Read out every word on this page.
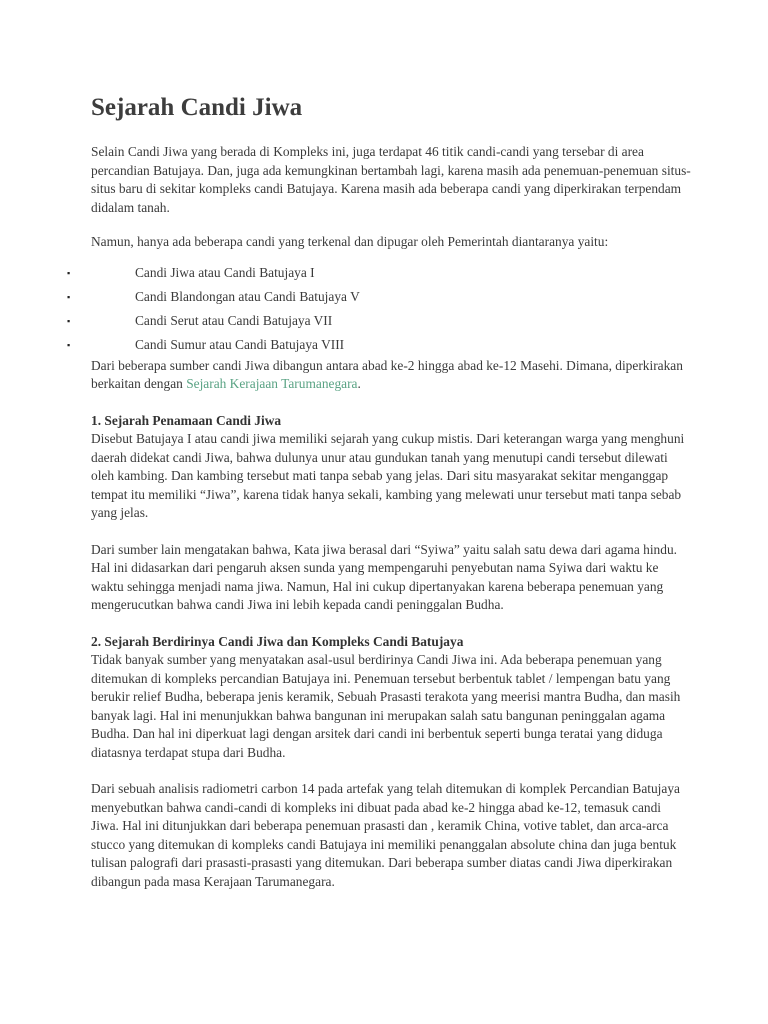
Sejarah Candi Jiwa

Selain Candi Jiwa yang berada di Kompleks ini, juga terdapat 46 titik candi-candi yang tersebar di area percandian Batujaya. Dan, juga ada kemungkinan bertambah lagi, karena masih ada penemuan-penemuan situs-situs baru di sekitar kompleks candi Batujaya. Karena masih ada beberapa candi yang diperkirakan terpendam didalam tanah.

Namun, hanya ada beberapa candi yang terkenal dan dipugar oleh Pemerintah diantaranya yaitu:

▪	Candi Jiwa atau Candi Batujaya I
▪	Candi Blandongan atau Candi Batujaya V
▪	Candi Serut atau Candi Batujaya VII
▪	Candi Sumur atau Candi Batujaya VIII

Dari beberapa sumber candi Jiwa dibangun antara abad ke-2 hingga abad ke-12 Masehi. Dimana, diperkirakan berkaitan dengan Sejarah Kerajaan Tarumanegara.

1. Sejarah Penamaan Candi Jiwa

Disebut Batujaya I atau candi jiwa memiliki sejarah yang cukup mistis. Dari keterangan warga yang menghuni daerah didekat candi Jiwa, bahwa dulunya unur atau gundukan tanah yang menutupi candi tersebut dilewati oleh kambing. Dan kambing tersebut mati tanpa sebab yang jelas. Dari situ masyarakat sekitar menganggap tempat itu memiliki “Jiwa”, karena tidak hanya sekali, kambing yang melewati unur tersebut mati tanpa sebab yang jelas.

Dari sumber lain mengatakan bahwa, Kata jiwa berasal dari “Syiwa” yaitu salah satu dewa dari agama hindu. Hal ini didasarkan dari pengaruh aksen sunda yang mempengaruhi penyebutan nama Syiwa dari waktu ke waktu sehingga menjadi nama jiwa. Namun, Hal ini cukup dipertanyakan karena beberapa penemuan yang mengerucutkan bahwa candi Jiwa ini lebih kepada candi peninggalan Budha.

2. Sejarah Berdirinya Candi Jiwa dan Kompleks Candi Batujaya

Tidak banyak sumber yang menyatakan asal-usul berdirinya Candi Jiwa ini. Ada beberapa penemuan yang ditemukan di kompleks percandian Batujaya ini. Penemuan tersebut berbentuk tablet / lempengan batu yang berukir relief Budha, beberapa jenis keramik, Sebuah Prasasti terakota yang meerisi mantra Budha, dan masih banyak lagi. Hal ini menunjukkan bahwa bangunan ini merupakan salah satu bangunan peninggalan agama Budha. Dan hal ini diperkuat lagi dengan arsitek dari candi ini berbentuk seperti bunga teratai yang diduga diatasnya terdapat stupa dari Budha.

Dari sebuah analisis radiometri carbon 14 pada artefak yang telah ditemukan di komplek Percandian Batujaya menyebutkan bahwa candi-candi di kompleks ini dibuat pada abad ke-2 hingga abad ke-12, temasuk candi Jiwa. Hal ini ditunjukkan dari beberapa penemuan prasasti dan , keramik China, votive tablet, dan arca-arca stucco yang ditemukan di kompleks candi Batujaya ini memiliki penanggalan absolute china dan juga bentuk tulisan palografi dari prasasti-prasasti yang ditemukan. Dari beberapa sumber diatas candi Jiwa diperkirakan dibangun pada masa Kerajaan Tarumanegara.
